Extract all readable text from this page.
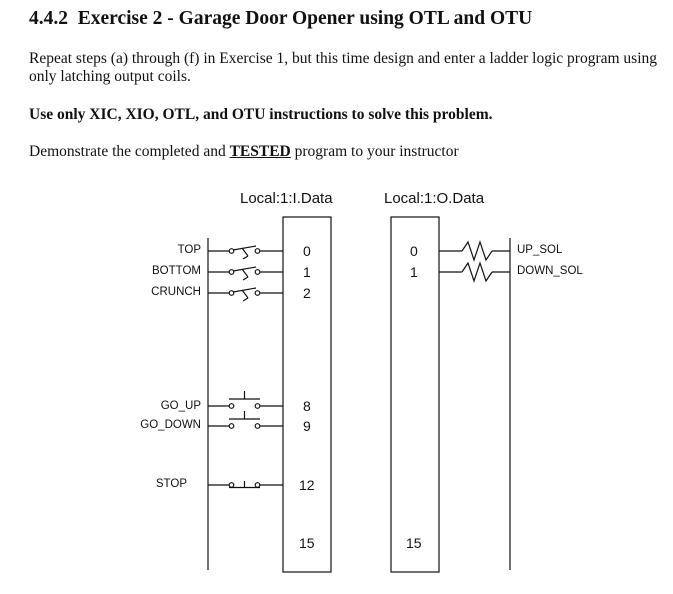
4.4.2 Exercise 2 - Garage Door Opener using OTL and OTU
Repeat steps (a) through (f) in Exercise 1, but this time design and enter a ladder logic program using only latching output coils.
Use only XIC, XIO, OTL, and OTU instructions to solve this problem.
Demonstrate the completed and TESTED program to your instructor
Local:1:I.Data	Local:1:O.Data
TOP
BOTTOM
CRUNCH
GO_UP
GO_DOWN
STOP
0
1
2
8
9
12
15
0
1
15
UP_SOL
DOWN_SOL
